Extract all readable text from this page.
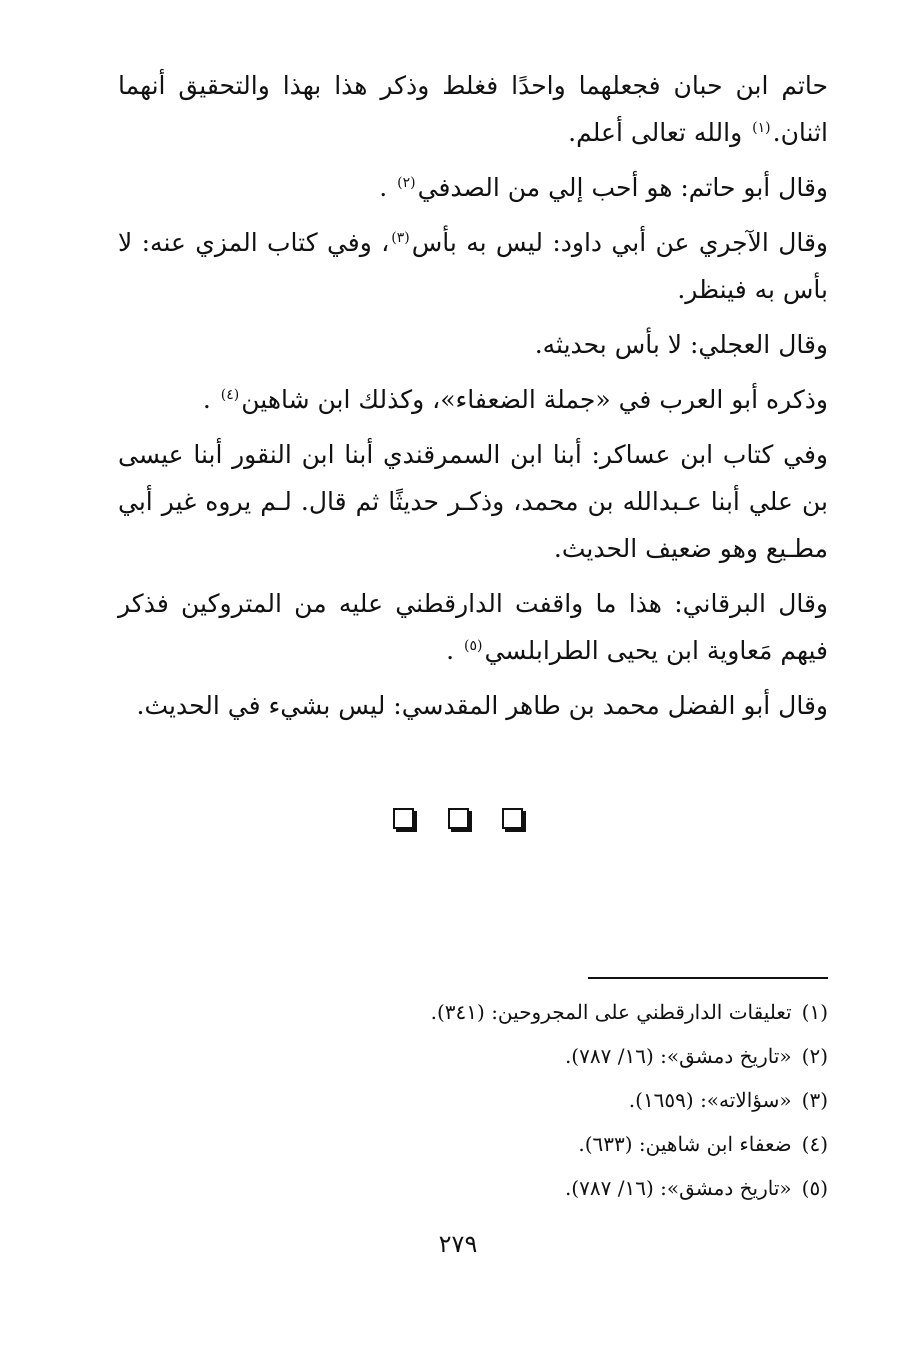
حاتم ابن حبان فجعلهما واحدًا فغلط وذكر هذا بهذا والتحقيق أنهما اثنان.$^{(١)}$ والله تعالى أعلم.

وقال أبو حاتم: هو أحب إلي من الصدفي$^{(٢)}$ .

وقال الآجري عن أبي داود: ليس به بأس$^{(٣)}$، وفي كتاب المزي عنه: لا بأس به فينظر.

وقال العجلي: لا بأس بحديثه.

وذكره أبو العرب في «جملة الضعفاء»، وكذلك ابن شاهين$^{(٤)}$ .

وفي كتاب ابن عساكر: أبنا ابن السمرقندي أبنا ابن النقور أبنا عيسى بن علي أبنا عـبدالله بن محمد، وذكـر حديثًا ثم قال. لـم يروه غير أبي مطـيع وهو ضعيف الحديث.

وقال البرقاني: هذا ما واقفت الدارقطني عليه من المتروكين فذكر فيهم مَعاوية ابن يحيى الطرابلسي$^{(٥)}$ .

وقال أبو الفضل محمد بن طاهر المقدسي: ليس بشيء في الحديث.

(١)تعليقات الدارقطني على المجروحين: (٣٤١).

(٢)«تاريخ دمشق»: (١٦/ ٧٨٧).

(٣)«سؤالاته»: (١٦٥٩).

(٤)ضعفاء ابن شاهين: (٦٣٣).

(٥)«تاريخ دمشق»: (١٦/ ٧٨٧).

٢٧٩
